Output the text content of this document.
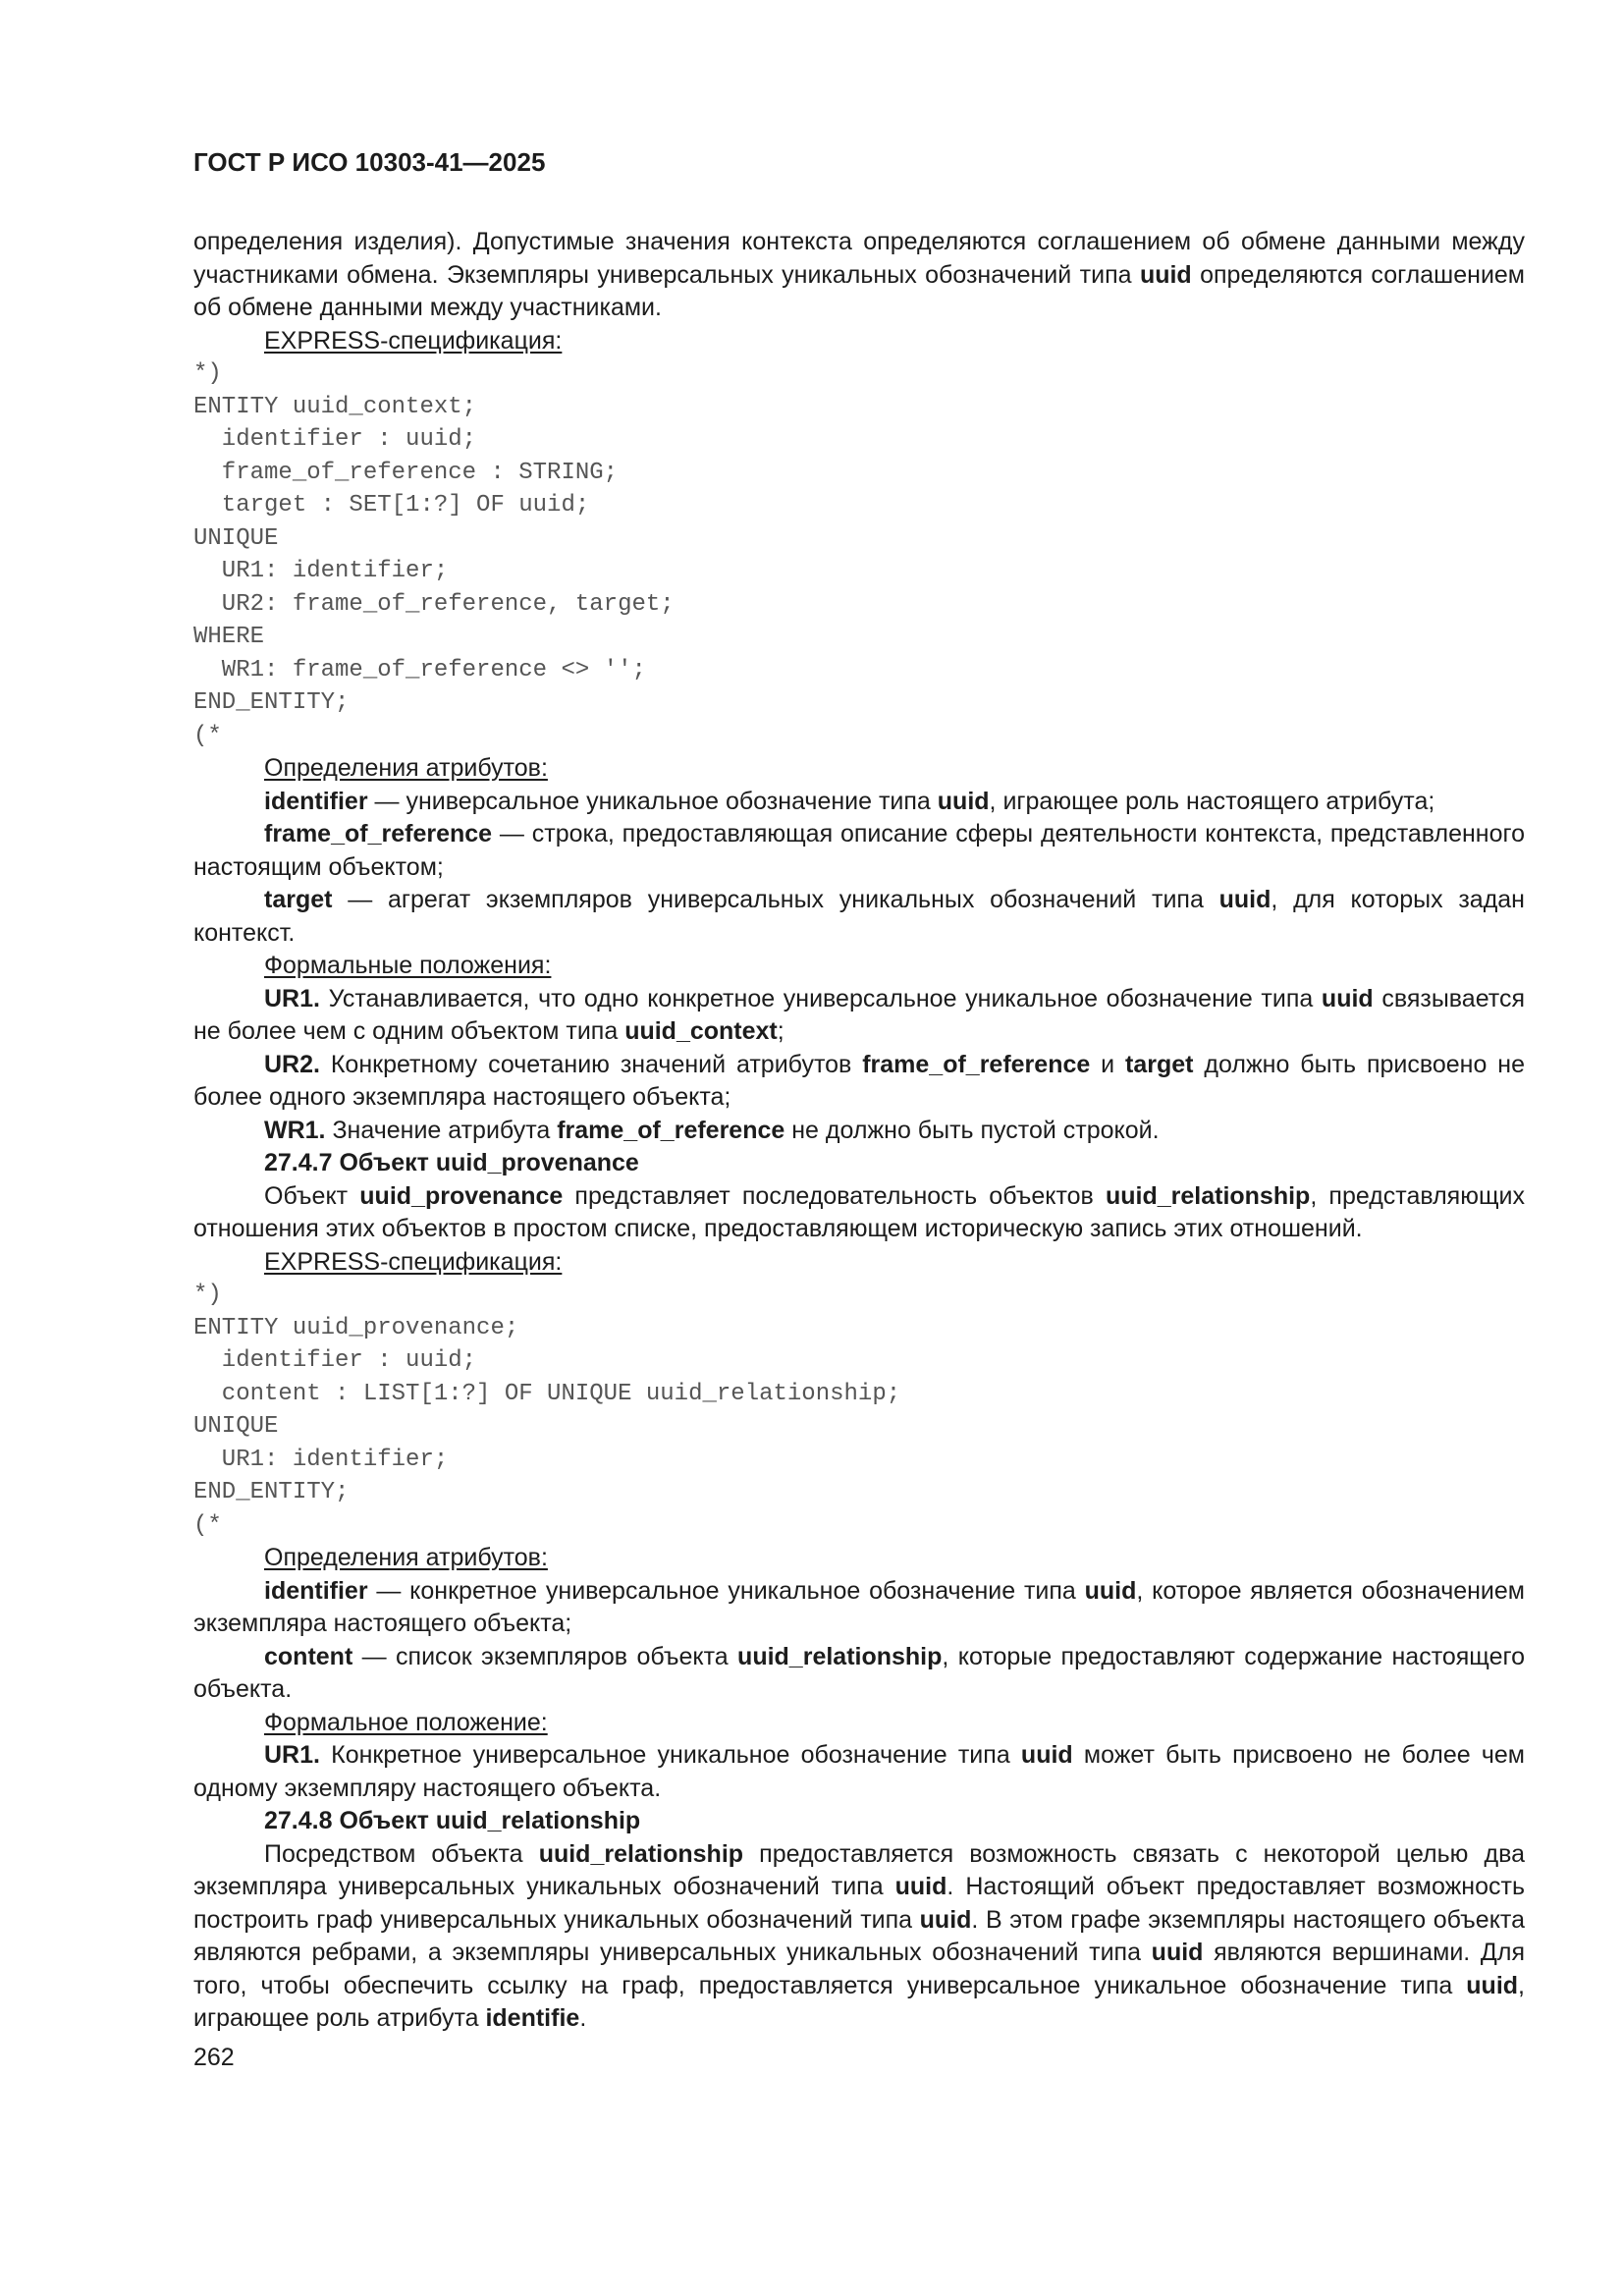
ГОСТ Р ИСО 10303-41—2025

определения изделия). Допустимые значения контекста определяются соглашением об обмене данными между участниками обмена. Экземпляры универсальных уникальных обозначений типа uuid определяются соглашением об обмене данными между участниками.

EXPRESS-спецификация:

*)
ENTITY uuid_context;
identifier : uuid;
frame_of_reference : STRING;
target : SET[1:?] OF uuid;
UNIQUE
UR1: identifier;
UR2: frame_of_reference, target;
WHERE
WR1: frame_of_reference <> '';
END_ENTITY;
(*

Определения атрибутов:

identifier — универсальное уникальное обозначение типа uuid, играющее роль настоящего атрибута;

frame_of_reference — строка, предоставляющая описание сферы деятельности контекста, представленного настоящим объектом;

target — агрегат экземпляров универсальных уникальных обозначений типа uuid, для которых задан контекст.

Формальные положения:

UR1. Устанавливается, что одно конкретное универсальное уникальное обозначение типа uuid связывается не более чем с одним объектом типа uuid_context;

UR2. Конкретному сочетанию значений атрибутов frame_of_reference и target должно быть присвоено не более одного экземпляра настоящего объекта;

WR1. Значение атрибута frame_of_reference не должно быть пустой строкой.

27.4.7 Объект uuid_provenance

Объект uuid_provenance представляет последовательность объектов uuid_relationship, представляющих отношения этих объектов в простом списке, предоставляющем историческую запись этих отношений.

EXPRESS-спецификация:

*)
ENTITY uuid_provenance;
identifier : uuid;
content : LIST[1:?] OF UNIQUE uuid_relationship;
UNIQUE
UR1: identifier;
END_ENTITY;
(*

Определения атрибутов:

identifier — конкретное универсальное уникальное обозначение типа uuid, которое является обозначением экземпляра настоящего объекта;

content — список экземпляров объекта uuid_relationship, которые предоставляют содержание настоящего объекта.

Формальное положение:

UR1. Конкретное универсальное уникальное обозначение типа uuid может быть присвоено не более чем одному экземпляру настоящего объекта.

27.4.8 Объект uuid_relationship

Посредством объекта uuid_relationship предоставляется возможность связать с некоторой целью два экземпляра универсальных уникальных обозначений типа uuid. Настоящий объект предоставляет возможность построить граф универсальных уникальных обозначений типа uuid. В этом графе экземпляры настоящего объекта являются ребрами, а экземпляры универсальных уникальных обозначений типа uuid являются вершинами. Для того, чтобы обеспечить ссылку на граф, предоставляется универсальное уникальное обозначение типа uuid, играющее роль атрибута identifie.

262
